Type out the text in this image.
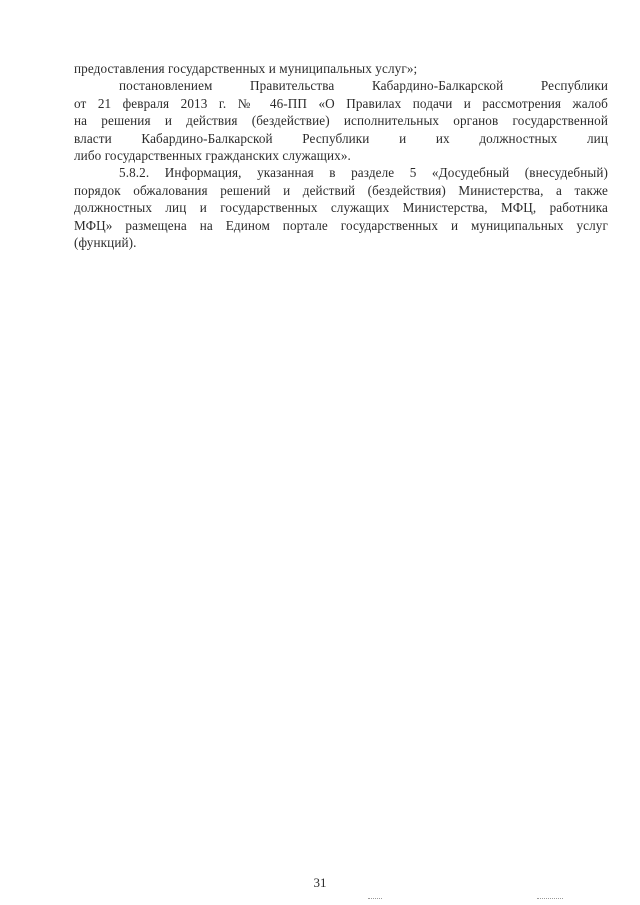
предоставления государственных и муниципальных услуг»;
постановлением Правительства Кабардино-Балкарской Республики
от 21 февраля 2013 г. № 46-ПП «О Правилах подачи и рассмотрения жалоб
на решения и действия (бездействие) исполнительных органов государственной
власти Кабардино-Балкарской Республики и их должностных лиц
либо государственных гражданских служащих».
5.8.2. Информация, указанная в разделе 5 «Досудебный (внесудебный)
порядок обжалования решений и действий (бездействия) Министерства, а также
должностных лиц и государственных служащих Министерства, МФЦ, работника
МФЦ» размещена на Едином портале государственных и муниципальных услуг
(функций).
31
